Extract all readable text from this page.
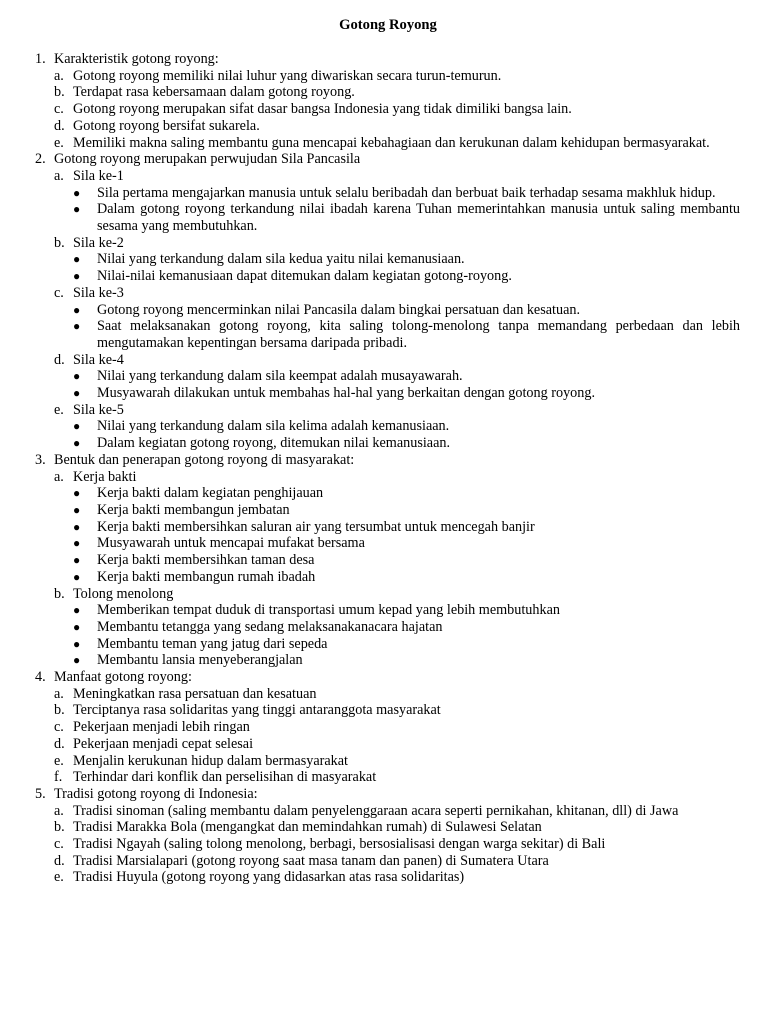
Gotong Royong
1. Karakteristik gotong royong:
a. Gotong royong memiliki nilai luhur yang diwariskan secara turun-temurun.
b. Terdapat rasa kebersamaan dalam gotong royong.
c. Gotong royong merupakan sifat dasar bangsa Indonesia yang tidak dimiliki bangsa lain.
d. Gotong royong bersifat sukarela.
e. Memiliki makna saling membantu guna mencapai kebahagiaan dan kerukunan dalam kehidupan bermasyarakat.
2. Gotong royong merupakan perwujudan Sila Pancasila
a. Sila ke-1
● Sila pertama mengajarkan manusia untuk selalu beribadah dan berbuat baik terhadap sesama makhluk hidup.
● Dalam gotong royong terkandung nilai ibadah karena Tuhan memerintahkan manusia untuk saling membantu sesama yang membutuhkan.
b. Sila ke-2
● Nilai yang terkandung dalam sila kedua yaitu nilai kemanusiaan.
● Nilai-nilai kemanusiaan dapat ditemukan dalam kegiatan gotong-royong.
c. Sila ke-3
● Gotong royong mencerminkan nilai Pancasila dalam bingkai persatuan dan kesatuan.
● Saat melaksanakan gotong royong, kita saling tolong-menolong tanpa memandang perbedaan dan lebih mengutamakan kepentingan bersama daripada pribadi.
d. Sila ke-4
● Nilai yang terkandung dalam sila keempat adalah musayawarah.
● Musyawarah dilakukan untuk membahas hal-hal yang berkaitan dengan gotong royong.
e. Sila ke-5
● Nilai yang terkandung dalam sila kelima adalah kemanusiaan.
● Dalam kegiatan gotong royong, ditemukan nilai kemanusiaan.
3. Bentuk dan penerapan gotong royong di masyarakat:
a. Kerja bakti
● Kerja bakti dalam kegiatan penghijauan
● Kerja bakti membangun jembatan
● Kerja bakti membersihkan saluran air yang tersumbat untuk mencegah banjir
● Musyawarah untuk mencapai mufakat bersama
● Kerja bakti membersihkan taman desa
● Kerja bakti membangun rumah ibadah
b. Tolong menolong
● Memberikan tempat duduk di transportasi umum kepad yang lebih membutuhkan
● Membantu tetangga yang sedang melaksanakanacara hajatan
● Membantu teman yang jatug dari sepeda
● Membantu lansia menyeberangjalan
4. Manfaat gotong royong:
a. Meningkatkan rasa persatuan dan kesatuan
b. Terciptanya rasa solidaritas yang tinggi antaranggota masyarakat
c. Pekerjaan menjadi lebih ringan
d. Pekerjaan menjadi cepat selesai
e. Menjalin kerukunan hidup dalam bermasyarakat
f. Terhindar dari konflik dan perselisihan di masyarakat
5. Tradisi gotong royong di Indonesia:
a. Tradisi sinoman (saling membantu dalam penyelenggaraan acara seperti pernikahan, khitanan, dll) di Jawa
b. Tradisi Marakka Bola (mengangkat dan memindahkan rumah) di Sulawesi Selatan
c. Tradisi Ngayah (saling tolong menolong, berbagi, bersosialisasi dengan warga sekitar) di Bali
d. Tradisi Marsialapari (gotong royong saat masa tanam dan panen) di Sumatera Utara
e. Tradisi Huyula (gotong royong yang didasarkan atas rasa solidaritas)
